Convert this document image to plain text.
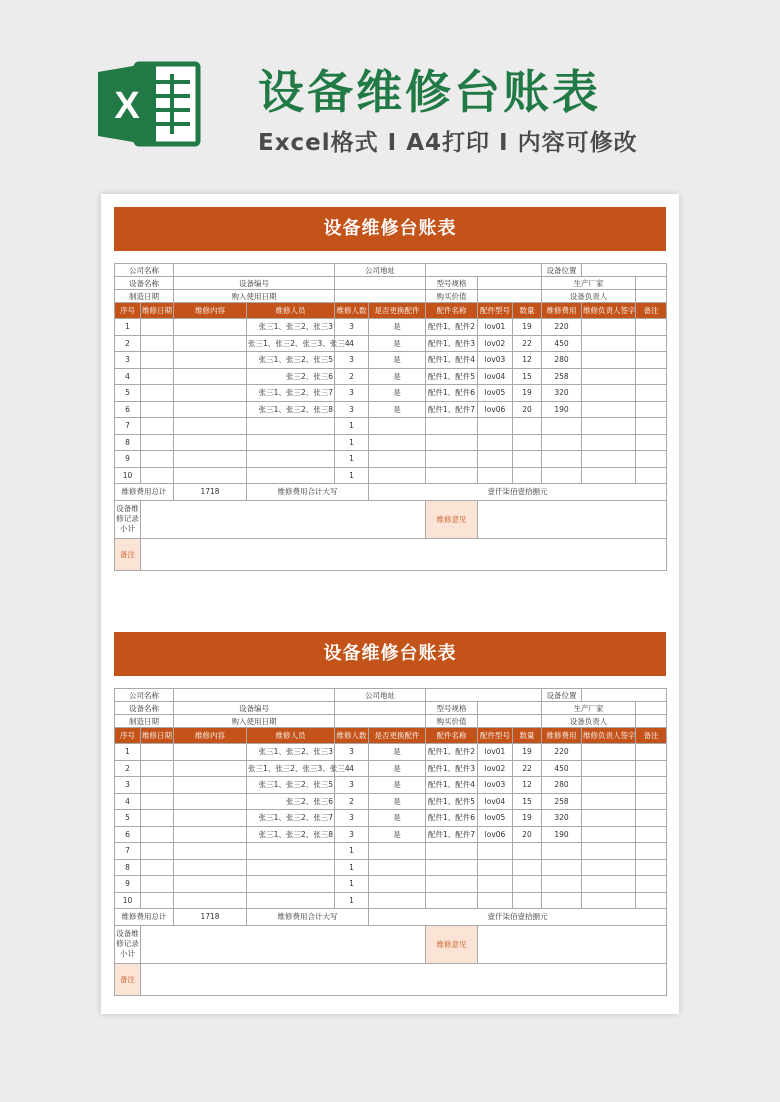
X	设备维修台账表

Excel格式 I A4打印 I 内容可修改

设备维修台账表
公司名称				公司地址					设备位置		
设备名称		设备编号				型号规格			生产厂家		
制造日期		购入使用日期				购买价值			设备负责人		
序号	维修日期	维修内容	维修人员	维修人数	是否更换配件	配件名称	配件型号	数量	维修费用	维修负责人签字	备注
1			张三1、张三2、张三3	3	是	配件1、配件2	lov01	19	220		
2			张三1、张三2、张三3、张三4	4	是	配件1、配件3	lov02	22	450		
3			张三1、张三2、张三5	3	是	配件1、配件4	lov03	12	280		
4			张三2、张三6	2	是	配件1、配件5	lov04	15	258		
5			张三1、张三2、张三7	3	是	配件1、配件6	lov05	19	320		
6			张三1、张三2、张三8	3	是	配件1、配件7	lov06	20	190		
7				1							
8				1							
9				1							
10				1							
维修费用总计		1718	维修费用合计大写		壹仟柒佰壹拾捌元						
设备维修记录小计						维修意见					
备注											
设备维修台账表
公司名称				公司地址					设备位置		
设备名称		设备编号				型号规格			生产厂家		
制造日期		购入使用日期				购买价值			设备负责人		
序号	维修日期	维修内容	维修人员	维修人数	是否更换配件	配件名称	配件型号	数量	维修费用	维修负责人签字	备注
1			张三1、张三2、张三3	3	是	配件1、配件2	lov01	19	220		
2			张三1、张三2、张三3、张三4	4	是	配件1、配件3	lov02	22	450		
3			张三1、张三2、张三5	3	是	配件1、配件4	lov03	12	280		
4			张三2、张三6	2	是	配件1、配件5	lov04	15	258		
5			张三1、张三2、张三7	3	是	配件1、配件6	lov05	19	320		
6			张三1、张三2、张三8	3	是	配件1、配件7	lov06	20	190		
7				1							
8				1							
9				1							
10				1							
维修费用总计		1718	维修费用合计大写		壹仟柒佰壹拾捌元						
设备维修记录小计						维修意见					
备注											
